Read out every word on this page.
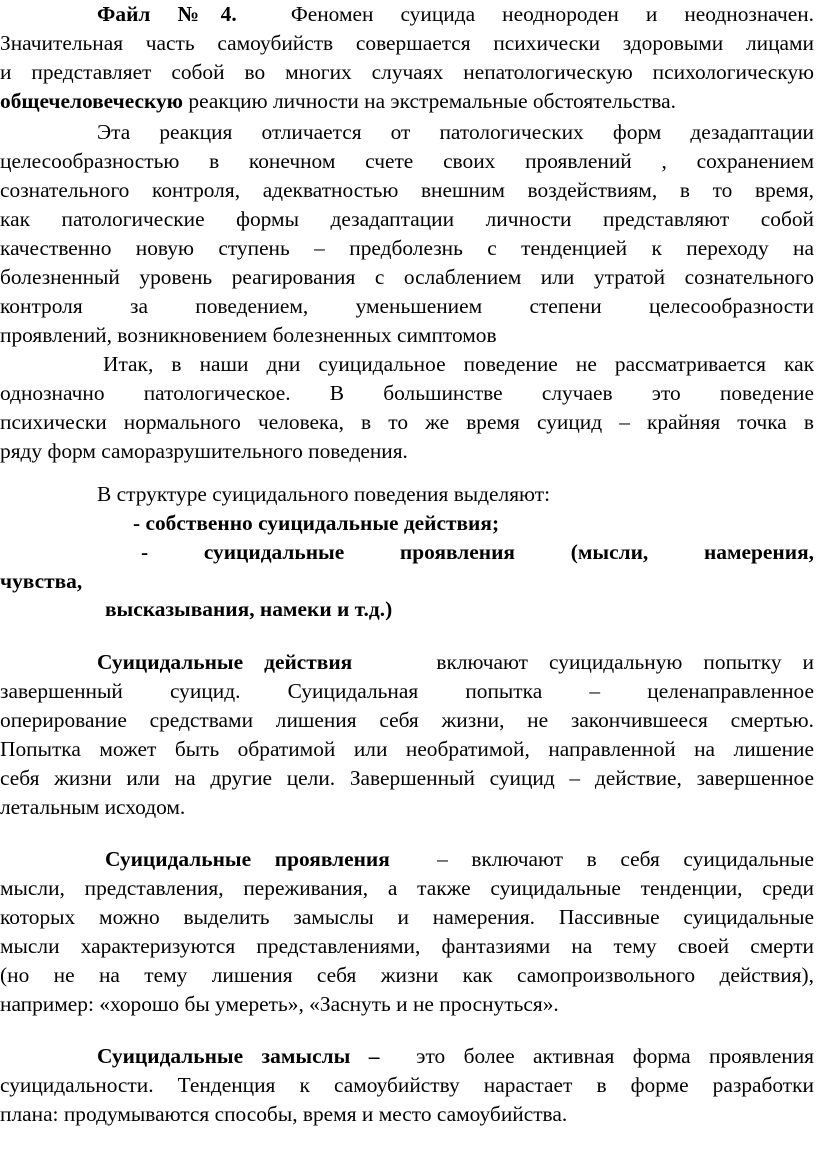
Файл №4.	Феномен суицида неоднороден и неоднозначен.
Значительная часть самоубийств совершается психически здоровыми лицами
и представляет собой во многих случаях непатологическую психологическую
общечеловеческую реакцию личности на экстремальные обстоятельства.
Эта реакция отличается от патологических форм дезадаптации
целесообразностью в конечном счете своих проявлений , сохранением
сознательного контроля, адекватностью внешним воздействиям, в то время,
как патологические формы дезадаптации личности представляют собой
качественно новую ступень – предболезнь с тенденцией к переходу на
болезненный уровень реагирования с ослаблением или утратой сознательного
контроля за поведением, уменьшением степени целесообразности
проявлений, возникновением болезненных симптомов
Итак, в наши дни суицидальное поведение не рассматривается как
однозначно патологическое. В большинстве случаев это поведение
психически нормального человека, в то же время суицид – крайняя точка в
ряду форм саморазрушительного поведения.
В структуре суицидального поведения выделяют:
- собственно суицидальные действия;
- суицидальные проявления (мысли, намерения,
чувства,
высказывания, намеки и т.д.)
Суицидальные действия	включают суицидальную попытку и
завершенный суицид. Суицидальная попытка – целенаправленное
оперирование средствами лишения себя жизни, не закончившееся смертью.
Попытка может быть обратимой или необратимой, направленной на лишение
себя жизни или на другие цели. Завершенный суицид – действие, завершенное
летальным исходом.
Суицидальные проявления – включают в себя суицидальные
мысли, представления, переживания, а также суицидальные тенденции, среди
которых можно выделить замыслы и намерения. Пассивные суицидальные
мысли характеризуются представлениями, фантазиями на тему своей смерти
(но не на тему лишения себя жизни как самопроизвольного действия),
например: «хорошо бы умереть», «Заснуть и не проснуться».
Суицидальные замыслы – это более активная форма проявления
суицидальности. Тенденция к самоубийству нарастает в форме разработки
плана: продумываются способы, время и место самоубийства.
